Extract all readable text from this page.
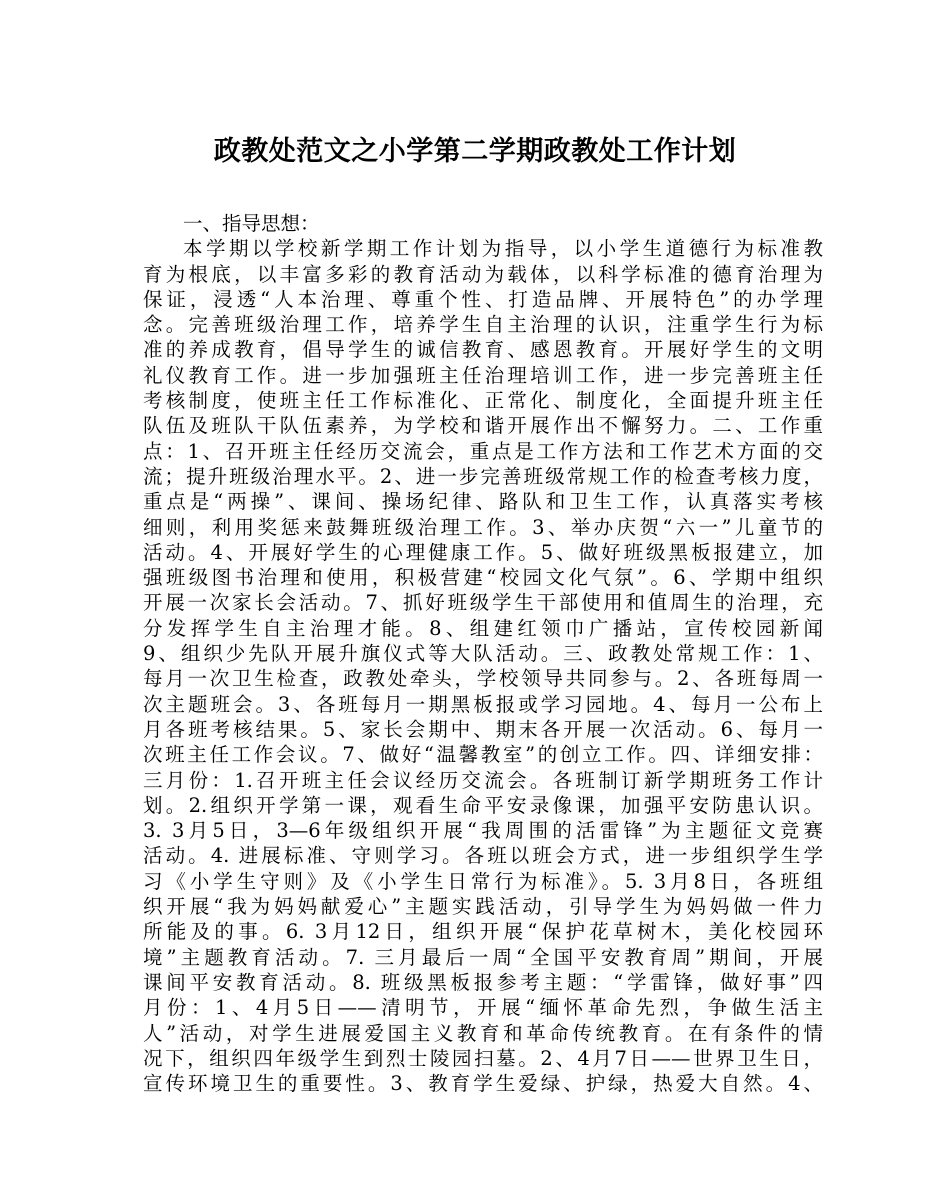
政教处范文之小学第二学期政教处工作计划
一、指导思想：
本学期以学校新学期工作计划为指导，以小学生道德行为标准教
育为根底，以丰富多彩的教育活动为载体，以科学标准的德育治理为
保证，浸透“人本治理、尊重个性、打造品牌、开展特色”的办学理
念。完善班级治理工作，培养学生自主治理的认识，注重学生行为标
准的养成教育，倡导学生的诚信教育、感恩教育。开展好学生的文明
礼仪教育工作。进一步加强班主任治理培训工作，进一步完善班主任
考核制度，使班主任工作标准化、正常化、制度化，全面提升班主任
队伍及班队干队伍素养，为学校和谐开展作出不懈努力。二、工作重
点：1、召开班主任经历交流会，重点是工作方法和工作艺术方面的交
流；提升班级治理水平。2、进一步完善班级常规工作的检查考核力度，
重点是“两操”、课间、操场纪律、路队和卫生工作，认真落实考核
细则，利用奖惩来鼓舞班级治理工作。3、举办庆贺“六一”儿童节的
活动。4、开展好学生的心理健康工作。5、做好班级黑板报建立，加
强班级图书治理和使用，积极营建“校园文化气氛”。6、学期中组织
开展一次家长会活动。7、抓好班级学生干部使用和值周生的治理，充
分发挥学生自主治理才能。8、组建红领巾广播站，宣传校园新闻
9、组织少先队开展升旗仪式等大队活动。三、政教处常规工作：1、
每月一次卫生检查，政教处牵头，学校领导共同参与。2、各班每周一
次主题班会。3、各班每月一期黑板报或学习园地。4、每月一公布上
月各班考核结果。5、家长会期中、期末各开展一次活动。6、每月一
次班主任工作会议。7、做好“温馨教室”的创立工作。四、详细安排：
三月份：1.召开班主任会议经历交流会。各班制订新学期班务工作计
划。2.组织开学第一课，观看生命平安录像课，加强平安防患认识。
3. 3月5日，3—6年级组织开展“我周围的活雷锋”为主题征文竞赛
活动。4. 进展标准、守则学习。各班以班会方式，进一步组织学生学
习《小学生守则》及《小学生日常行为标准》。5. 3月8日，各班组
织开展“我为妈妈献爱心”主题实践活动，引导学生为妈妈做一件力
所能及的事。6. 3月12日，组织开展“保护花草树木，美化校园环
境”主题教育活动。7. 三月最后一周“全国平安教育周”期间，开展
课间平安教育活动。8. 班级黑板报参考主题：“学雷锋，做好事”四
月份：1、4月5日——清明节，开展“缅怀革命先烈，争做生活主
人”活动，对学生进展爱国主义教育和革命传统教育。在有条件的情
况下，组织四年级学生到烈士陵园扫墓。2、4月7日——世界卫生日，
宣传环境卫生的重要性。3、教育学生爱绿、护绿，热爱大自然。4、
